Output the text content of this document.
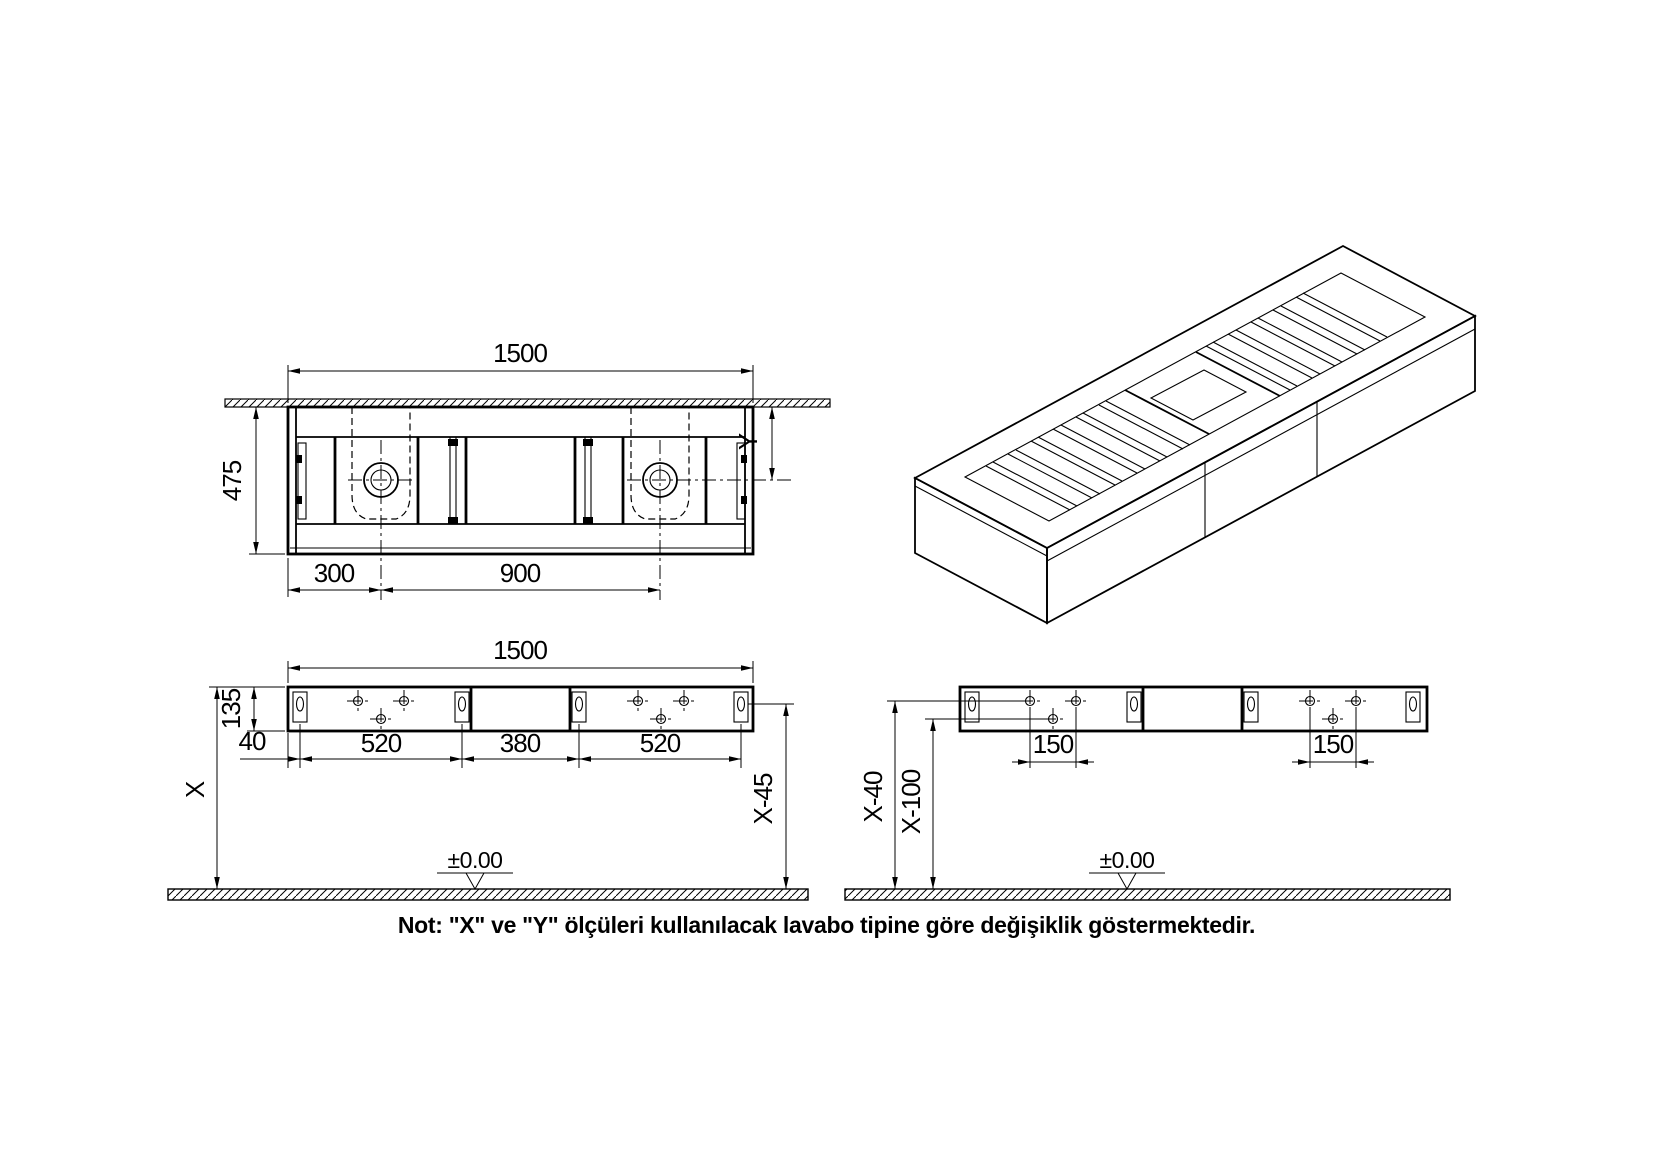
1500
475
Y
300	900
1500
135
40	520	380	520
X	X-45
±0.00
150	150
X-40 X-100
±0.00
Not: "X" ve "Y" ölçüleri kullanılacak lavabo tipine göre değişiklik göstermektedir.
